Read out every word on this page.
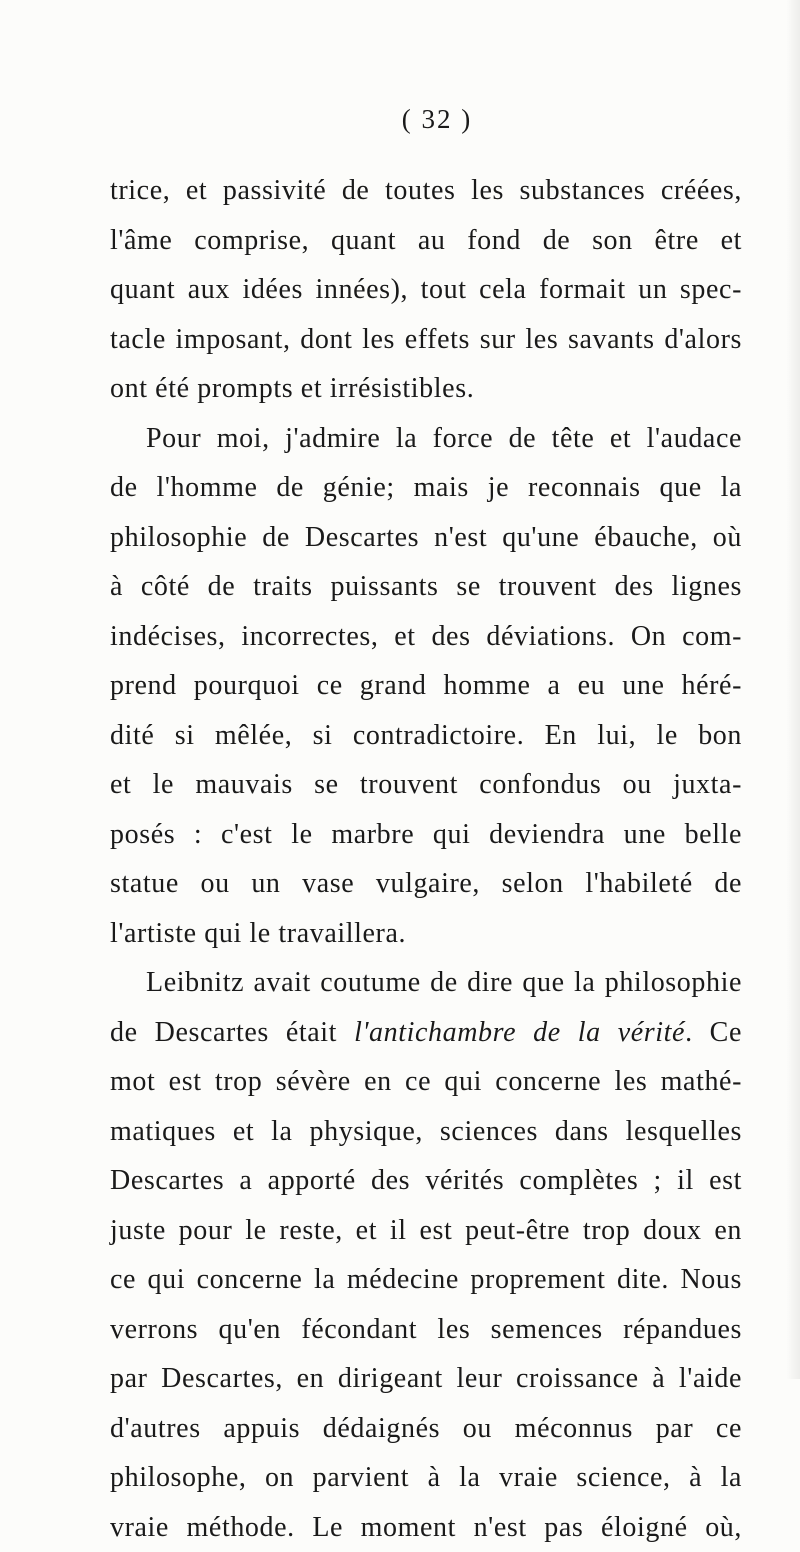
( 32 )
trice, et passivité de toutes les substances créées,
l'âme comprise, quant au fond de son être et
quant aux idées innées), tout cela formait un spec-
tacle imposant, dont les effets sur les savants d'alors
ont été prompts et irrésistibles.
Pour moi, j'admire la force de tête et l'audace
de l'homme de génie; mais je reconnais que la
philosophie de Descartes n'est qu'une ébauche, où
à côté de traits puissants se trouvent des lignes
indécises, incorrectes, et des déviations. On com-
prend pourquoi ce grand homme a eu une héré-
dité si mêlée, si contradictoire. En lui, le bon
et le mauvais se trouvent confondus ou juxta-
posés : c'est le marbre qui deviendra une belle
statue ou un vase vulgaire, selon l'habileté de
l'artiste qui le travaillera.
Leibnitz avait coutume de dire que la philosophie
de Descartes était l'antichambre de la vérité. Ce
mot est trop sévère en ce qui concerne les mathé-
matiques et la physique, sciences dans lesquelles
Descartes a apporté des vérités complètes ; il est
juste pour le reste, et il est peut-être trop doux en
ce qui concerne la médecine proprement dite. Nous
verrons qu'en fécondant les semences répandues
par Descartes, en dirigeant leur croissance à l'aide
d'autres appuis dédaignés ou méconnus par ce
philosophe, on parvient à la vraie science, à la
vraie méthode. Le moment n'est pas éloigné où,
